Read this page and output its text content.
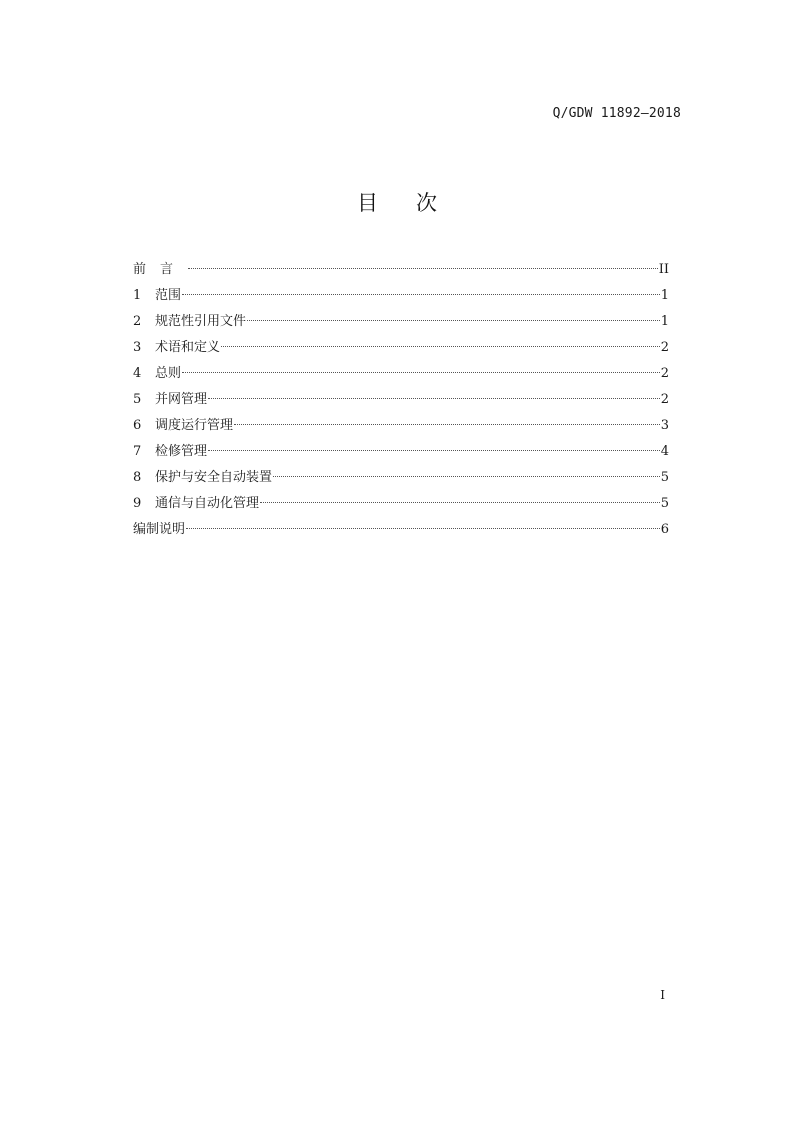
Q/GDW 11892—2018
目 次
前言	II
1	范围	1
2	规范性引用文件	1
3	术语和定义	2
4	总则	2
5	并网管理	2
6	调度运行管理	3
7	检修管理	4
8	保护与安全自动装置	5
9	通信与自动化管理	5
编制说明	6
I
